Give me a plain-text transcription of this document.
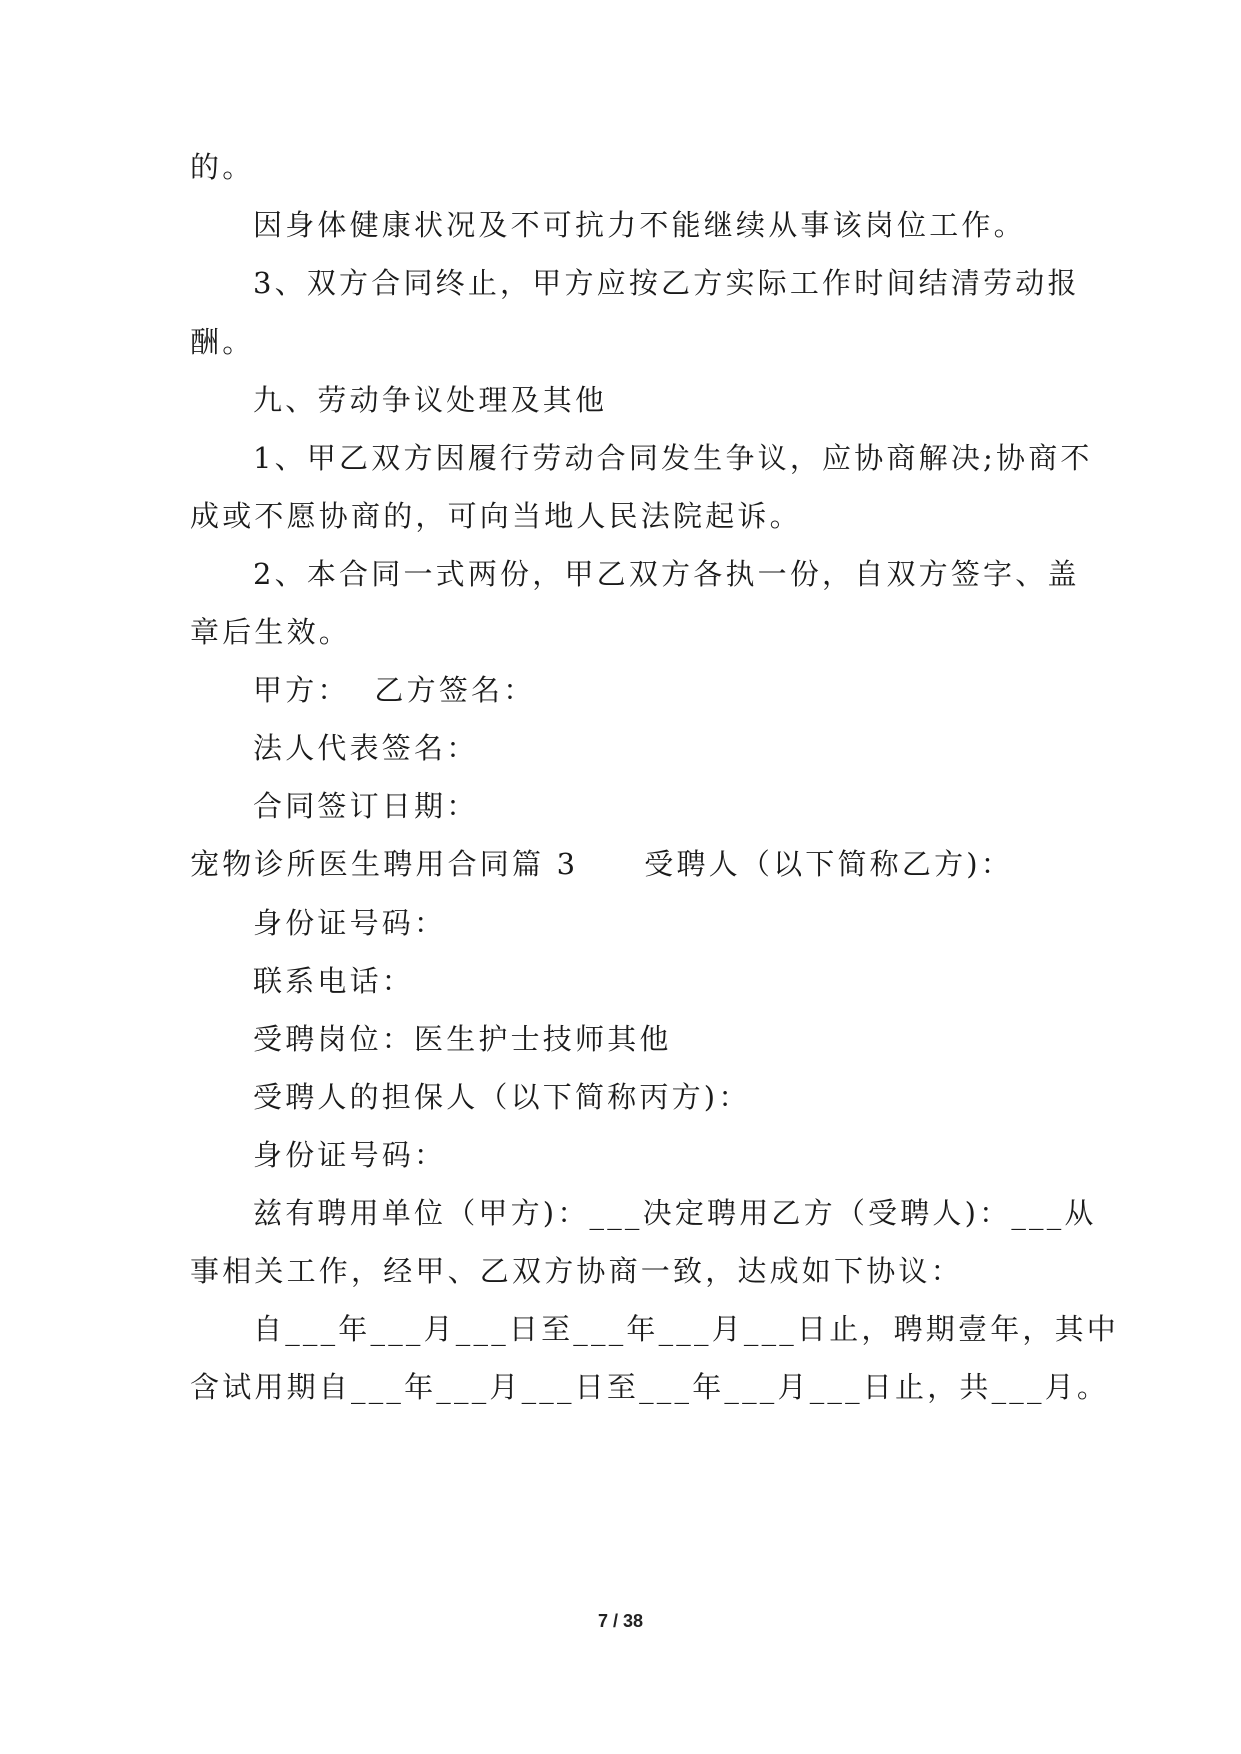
的。
因身体健康状况及不可抗力不能继续从事该岗位工作。
3、双方合同终止，甲方应按乙方实际工作时间结清劳动报
酬。
九、劳动争议处理及其他
1、甲乙双方因履行劳动合同发生争议，应协商解决;协商不
成或不愿协商的，可向当地人民法院起诉。
2、本合同一式两份，甲乙双方各执一份，自双方签字、盖
章后生效。
甲方：  乙方签名：
法人代表签名：
合同签订日期：
宠物诊所医生聘用合同篇 3 受聘人（以下简称乙方)：
身份证号码：
联系电话：
受聘岗位：医生护士技师其他
受聘人的担保人（以下简称丙方)：
身份证号码：
兹有聘用单位（甲方)：___决定聘用乙方（受聘人)：___从
事相关工作，经甲、乙双方协商一致，达成如下协议：
自___年___月___日至___年___月___日止，聘期壹年，其中
含试用期自___年___月___日至___年___月___日止，共___月。
7 / 38
